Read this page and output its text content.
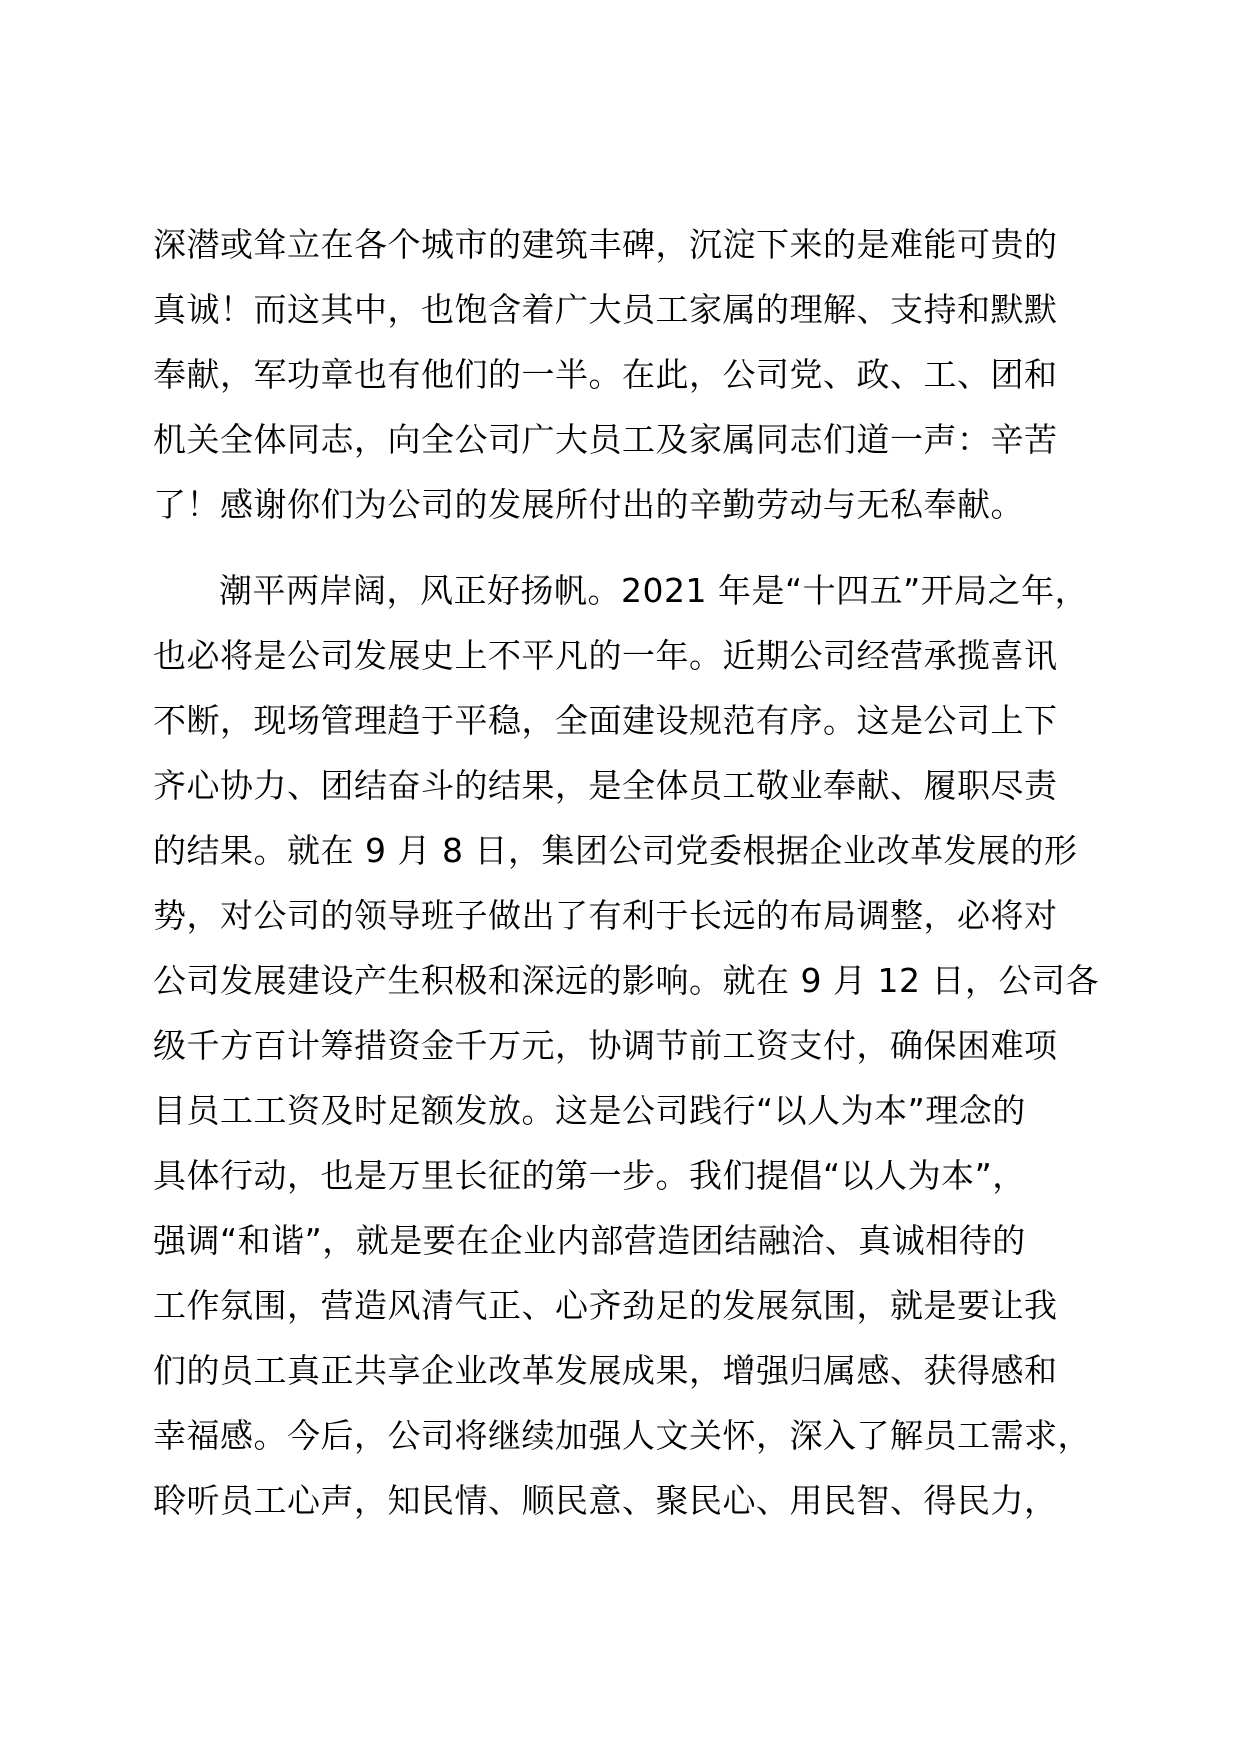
深潜或耸立在各个城市的建筑丰碑，沉淀下来的是难能可贵的
真诚！而这其中，也饱含着广大员工家属的理解、支持和默默
奉献，军功章也有他们的一半。在此，公司党、政、工、团和
机关全体同志，向全公司广大员工及家属同志们道一声：辛苦
了！感谢你们为公司的发展所付出的辛勤劳动与无私奉献。
潮平两岸阔，风正好扬帆。2021 年是“十四五”开局之年，
也必将是公司发展史上不平凡的一年。近期公司经营承揽喜讯
不断，现场管理趋于平稳，全面建设规范有序。这是公司上下
齐心协力、团结奋斗的结果，是全体员工敬业奉献、履职尽责
的结果。就在 9 月 8 日，集团公司党委根据企业改革发展的形
势，对公司的领导班子做出了有利于长远的布局调整，必将对
公司发展建设产生积极和深远的影响。就在 9 月 12 日，公司各
级千方百计筹措资金千万元，协调节前工资支付，确保困难项
目员工工资及时足额发放。这是公司践行“以人为本”理念的
具体行动，也是万里长征的第一步。我们提倡“以人为本”，
强调“和谐”，就是要在企业内部营造团结融洽、真诚相待的
工作氛围，营造风清气正、心齐劲足的发展氛围，就是要让我
们的员工真正共享企业改革发展成果，增强归属感、获得感和
幸福感。今后，公司将继续加强人文关怀，深入了解员工需求，
聆听员工心声，知民情、顺民意、聚民心、用民智、得民力，
